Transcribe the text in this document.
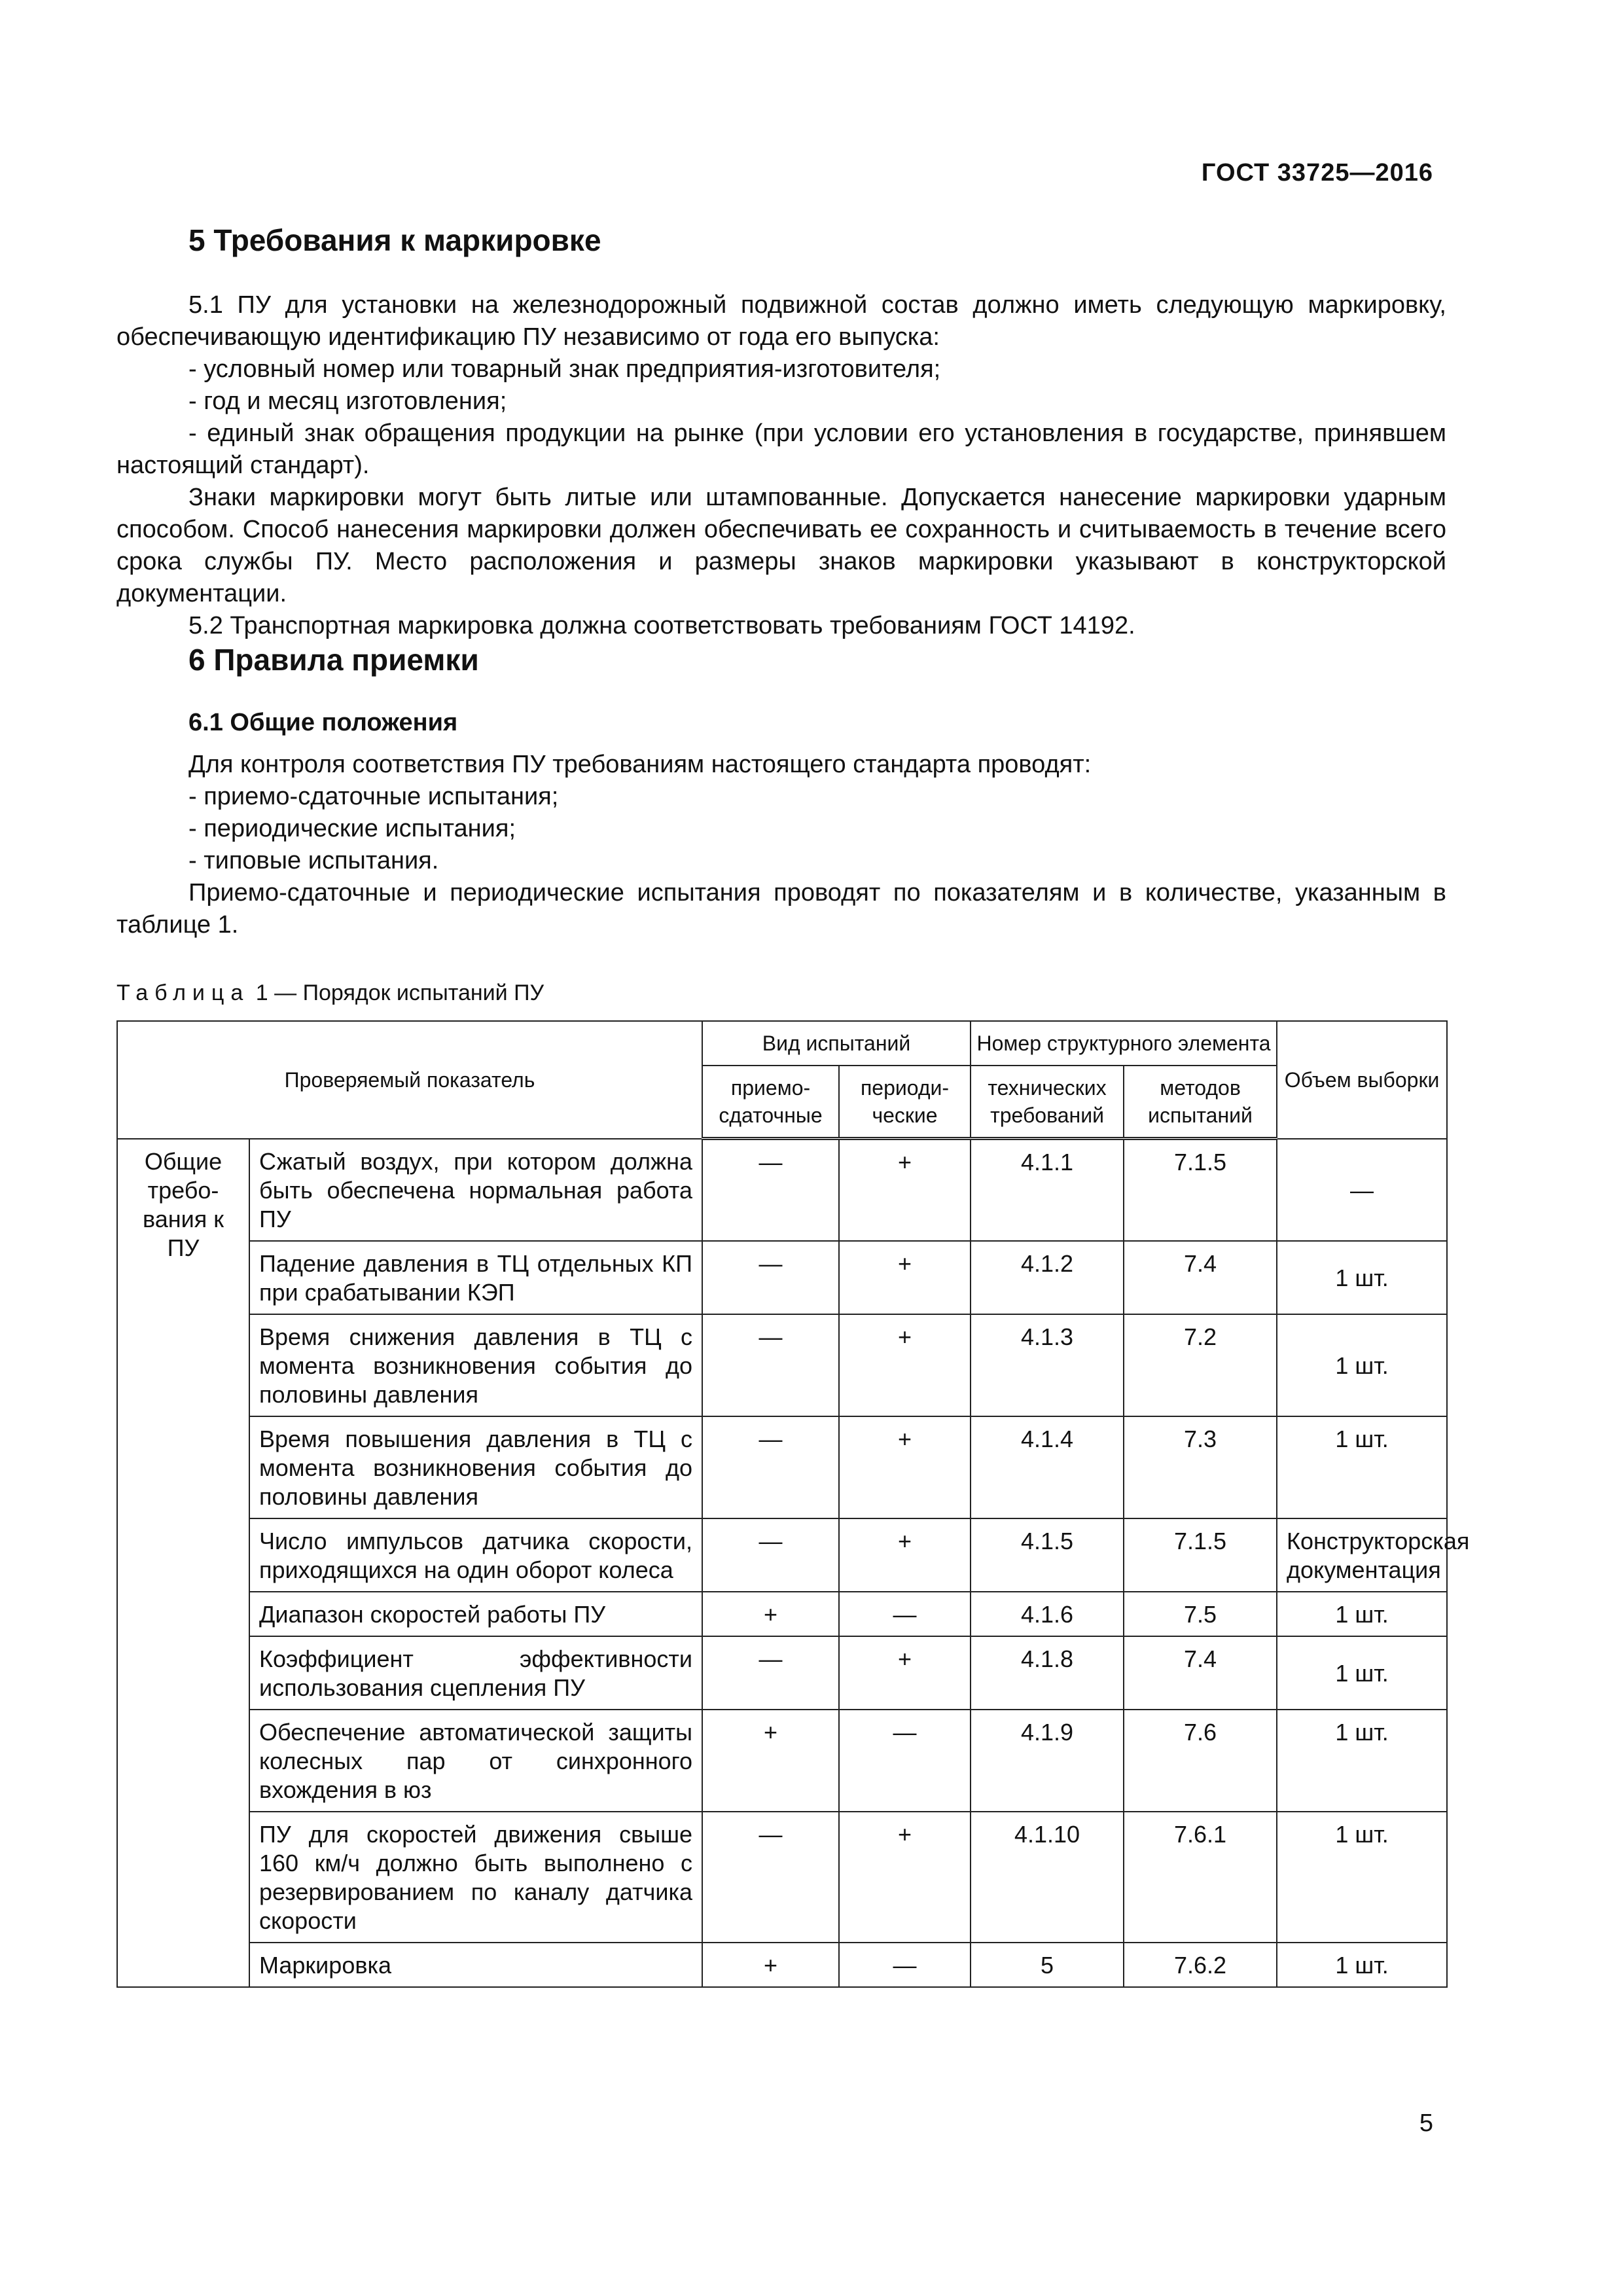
ГОСТ 33725—2016
5 Требования к маркировке

5.1 ПУ для установки на железнодорожный подвижной состав должно иметь следующую маркировку, обеспечивающую идентификацию ПУ независимо от года его выпуска:

- условный номер или товарный знак предприятия-изготовителя;

- год и месяц изготовления;

- единый знак обращения продукции на рынке (при условии его установления в государстве, принявшем настоящий стандарт).

Знаки маркировки могут быть литые или штампованные. Допускается нанесение маркировки ударным способом. Способ нанесения маркировки должен обеспечивать ее сохранность и считываемость в течение всего срока службы ПУ. Место расположения и размеры знаков маркировки указывают в конструкторской документации.

5.2 Транспортная маркировка должна соответствовать требованиям ГОСТ 14192.

6 Правила приемки
6.1 Общие положения

Для контроля соответствия ПУ требованиям настоящего стандарта проводят:

- приемо-сдаточные испытания;

- периодические испытания;

- типовые испытания.

Приемо-сдаточные и периодические испытания проводят по показателям и в количестве, указанным в таблице 1.

Таблица 1 — Порядок испытаний ПУ
Проверяемый показатель		Вид испытаний		Номер структурного элемента		Объем выборки
		приемо-сдаточные	периоди-ческие	технических требований	методов испытаний	
Общие требо-вания к ПУ	Сжатый воздух, при котором должна быть обеспечена нормальная работа ПУ	—	+	4.1.1	7.1.5	—
	Падение давления в ТЦ отдельных КП при срабатывании КЭП	—	+	4.1.2	7.4	1 шт.
	Время снижения давления в ТЦ с момента возникновения события до половины давления	—	+	4.1.3	7.2	1 шт.
	Время повышения давления в ТЦ с момента возникновения события до половины давления	—	+	4.1.4	7.3	1 шт.
	Число импульсов датчика скорости, приходящихся на один оборот колеса	—	+	4.1.5	7.1.5	Конструкторская документация
	Диапазон скоростей работы ПУ	+	—	4.1.6	7.5	1 шт.
	Коэффициент эффективности использования сцепления ПУ	—	+	4.1.8	7.4	1 шт.
	Обеспечение автоматической защиты колесных пар от синхронного вхождения в юз	+	—	4.1.9	7.6	1 шт.
	ПУ для скоростей движения свыше 160 км/ч должно быть выполнено с резервированием по каналу датчика скорости	—	+	4.1.10	7.6.1	1 шт.
	Маркировка	+	—	5	7.6.2	1 шт.
5
